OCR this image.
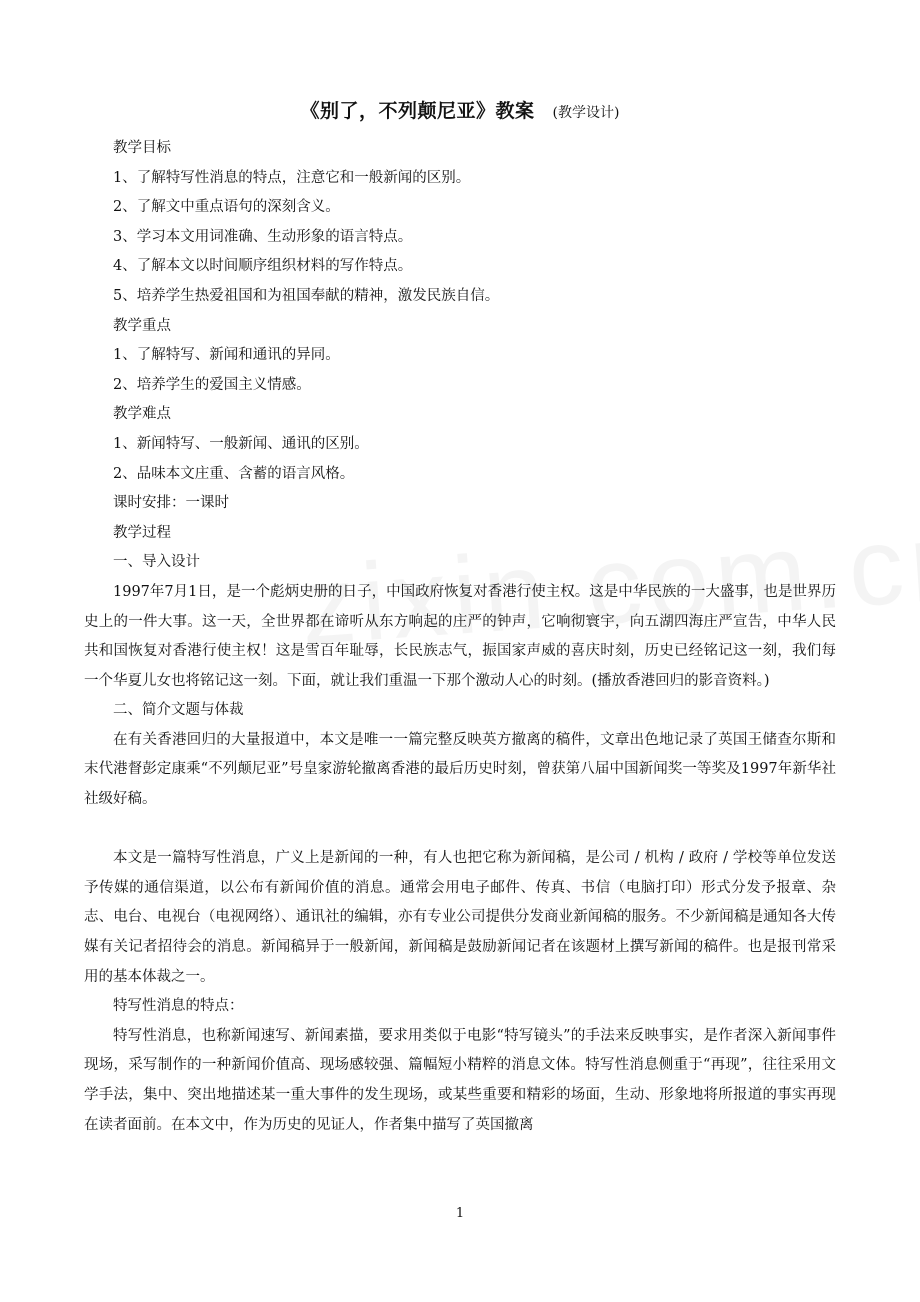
《别了，不列颠尼亚》教案 (教学设计)

教学目标

1、了解特写性消息的特点，注意它和一般新闻的区别。

2、了解文中重点语句的深刻含义。

3、学习本文用词准确、生动形象的语言特点。

4、了解本文以时间顺序组织材料的写作特点。

5、培养学生热爱祖国和为祖国奉献的精神，激发民族自信。

教学重点

1、了解特写、新闻和通讯的异同。

2、培养学生的爱国主义情感。

教学难点

1、新闻特写、一般新闻、通讯的区别。

2、品味本文庄重、含蓄的语言风格。

课时安排：一课时

教学过程

一、导入设计

1997年7月1日，是一个彪炳史册的日子，中国政府恢复对香港行使主权。这是中华民族的一大盛事，也是世界历史上的一件大事。这一天，全世界都在谛听从东方响起的庄严的钟声，它响彻寰宇，向五湖四海庄严宣告，中华人民共和国恢复对香港行使主权！这是雪百年耻辱，长民族志气，振国家声威的喜庆时刻，历史已经铭记这一刻，我们每一个华夏儿女也将铭记这一刻。下面，就让我们重温一下那个激动人心的时刻。(播放香港回归的影音资料。)

二、简介文题与体裁

在有关香港回归的大量报道中，本文是唯一一篇完整反映英方撤离的稿件，文章出色地记录了英国王储查尔斯和末代港督彭定康乘“不列颠尼亚”号皇家游轮撤离香港的最后历史时刻，曾获第八届中国新闻奖一等奖及1997年新华社社级好稿。

本文是一篇特写性消息，广义上是新闻的一种，有人也把它称为新闻稿，是公司 / 机构 / 政府 / 学校等单位发送予传媒的通信渠道，以公布有新闻价值的消息。通常会用电子邮件、传真、书信（电脑打印）形式分发予报章、杂志、电台、电视台（电视网络）、通讯社的编辑，亦有专业公司提供分发商业新闻稿的服务。不少新闻稿是通知各大传媒有关记者招待会的消息。新闻稿异于一般新闻，新闻稿是鼓励新闻记者在该题材上撰写新闻的稿件。也是报刊常采用的基本体裁之一。

特写性消息的特点：

特写性消息，也称新闻速写、新闻素描，要求用类似于电影“特写镜头”的手法来反映事实，是作者深入新闻事件现场，采写制作的一种新闻价值高、现场感较强、篇幅短小精粹的消息文体。特写性消息侧重于“再现”，往往采用文学手法，集中、突出地描述某一重大事件的发生现场，或某些重要和精彩的场面，生动、形象地将所报道的事实再现在读者面前。在本文中，作为历史的见证人，作者集中描写了英国撤离

1
